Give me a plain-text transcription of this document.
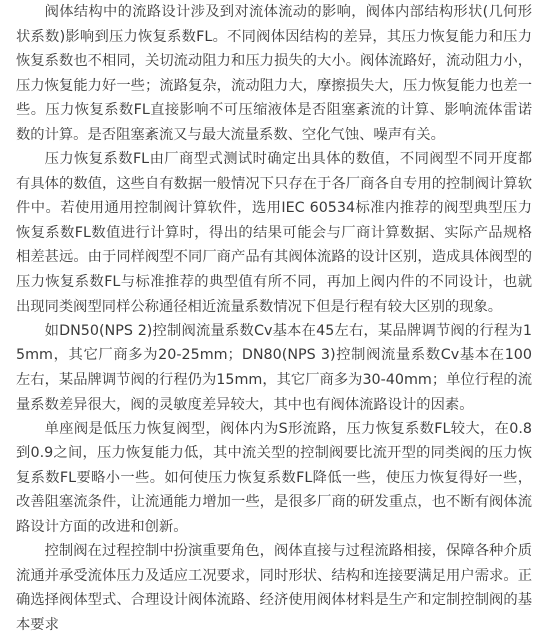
阀体结构中的流路设计涉及到对流体流动的影响，阀体内部结构形状(几何形状系数)影响到压力恢复系数FL。不同阀体因结构的差异，其压力恢复能力和压力恢复系数也不相同，关切流动阻力和压力损失的大小。阀体流路好，流动阻力小，压力恢复能力好一些；流路复杂，流动阻力大，摩擦损失大，压力恢复能力也差一些。压力恢复系数FL直接影响不可压缩液体是否阻塞紊流的计算、影响流体雷诺数的计算。是否阻塞紊流又与最大流量系数、空化气蚀、噪声有关。

压力恢复系数FL由厂商型式测试时确定出具体的数值，不同阀型不同开度都有具体的数值，这些自有数据一般情况下只存在于各厂商各自专用的控制阀计算软件中。若使用通用控制阀计算软件，选用IEC 60534标准内推荐的阀型典型压力恢复系数FL数值进行计算时，得出的结果可能会与厂商计算数据、实际产品规格相差甚远。由于同样阀型不同厂商产品有其阀体流路的设计区别，造成具体阀型的压力恢复系数FL与标准推荐的典型值有所不同，再加上阀内件的不同设计，也就出现同类阀型同样公称通径相近流量系数情况下但是行程有较大区别的现象。

如DN50(NPS 2)控制阀流量系数Cv基本在45左右，某品牌调节阀的行程为15mm，其它厂商多为20-25mm；DN80(NPS 3)控制阀流量系数Cv基本在100左右，某品牌调节阀的行程仍为15mm，其它厂商多为30-40mm；单位行程的流量系数差异很大，阀的灵敏度差异较大，其中也有阀体流路设计的因素。

单座阀是低压力恢复阀型，阀体内为S形流路，压力恢复系数FL较大，在0.8到0.9之间，压力恢复能力低，其中流关型的控制阀要比流开型的同类阀的压力恢复系数FL要略小一些。如何使压力恢复系数FL降低一些，使压力恢复得好一些，改善阻塞流条件，让流通能力增加一些，是很多厂商的研发重点，也不断有阀体流路设计方面的改进和创新。

控制阀在过程控制中扮演重要角色，阀体直接与过程流路相接，保障各种介质流通并承受流体压力及适应工况要求，同时形状、结构和连接要满足用户需求。正确选择阀体型式、合理设计阀体流路、经济使用阀体材料是生产和定制控制阀的基本要求
